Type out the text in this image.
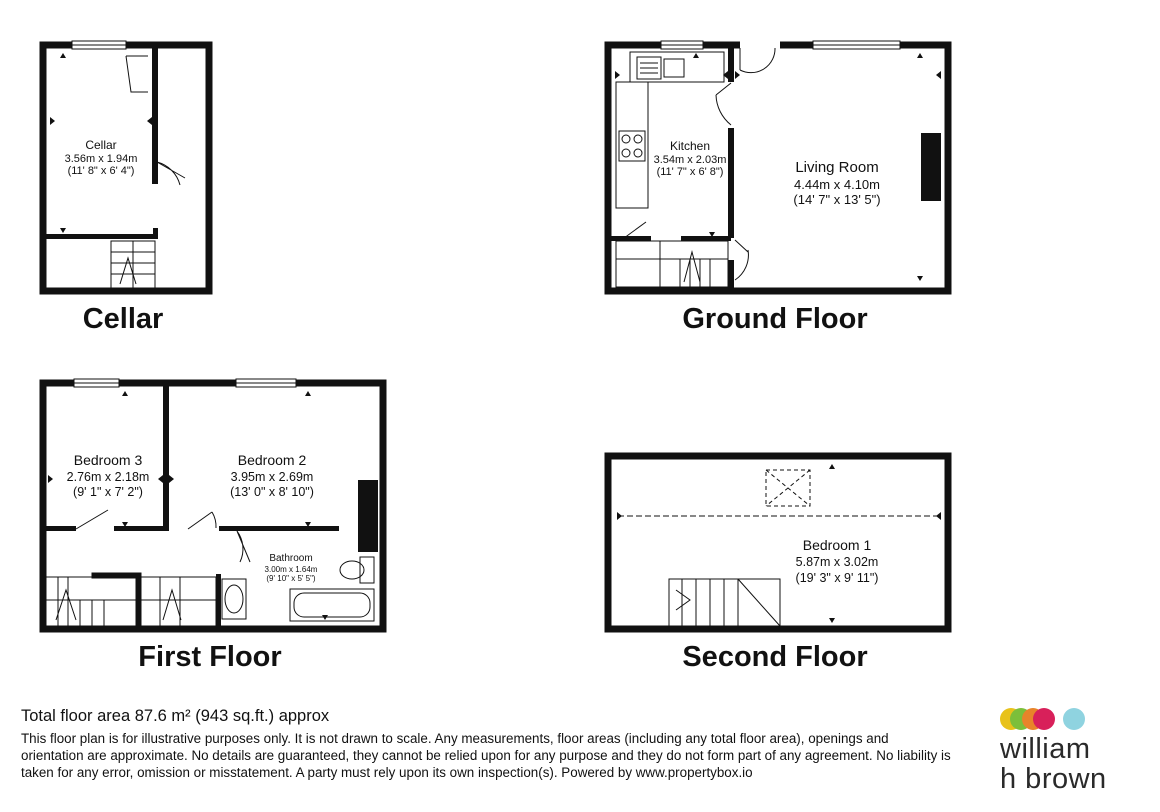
Cellar
3.56m x 1.94m
(11' 8" x 6' 4")
Cellar
Kitchen
3.54m x 2.03m
(11' 7" x 6' 8")	Living Room
4.44m x 4.10m
(14' 7" x 13' 5")
Ground Floor
Bedroom 3
2.76m x 2.18m
(9' 1" x 7' 2")
Bedroom 2
3.95m x 2.69m
(13' 0" x 8' 10")
Bathroom
3.00m x 1.64m
(9' 10" x 5' 5")
First Floor
Bedroom 1
5.87m x 3.02m
(19' 3" x 9' 11")
Second Floor
Total floor area 87.6 m² (943 sq.ft.) approx
This floor plan is for illustrative purposes only. It is not drawn to scale. Any measurements, floor areas (including any total floor area), openings and orientation are approximate. No details are guaranteed, they cannot be relied upon for any purpose and they do not form part of any agreement. No liability is taken for any error, omission or misstatement. A party must rely upon its own inspection(s). Powered by www.propertybox.io
william
h brown
